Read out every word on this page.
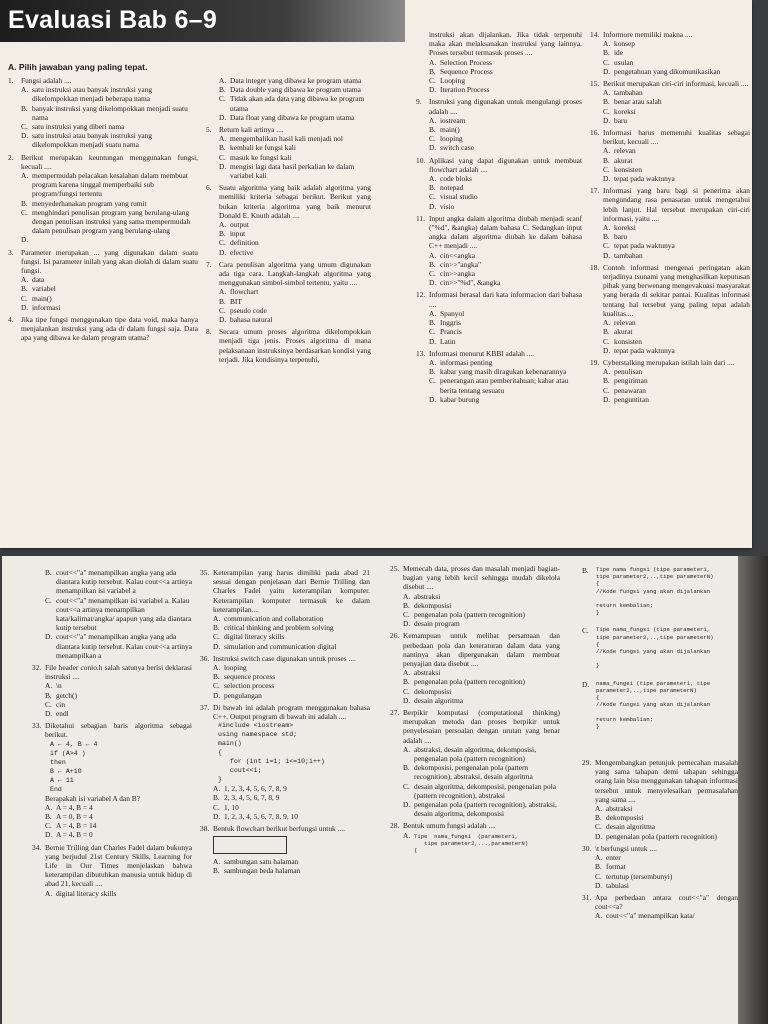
Evaluasi Bab 6–9
A. Pilih jawaban yang paling tepat.
1.	Fungsi adalah ....
A. satu instruksi atau banyak instruksi yang dikelompokkan menjadi beberapa nama
B. banyak instruksi yang dikelompokkan menjadi suatu nama
C. satu instruksi yang diberi nama
D. satu instruksi atau banyak instruksi yang dikelompokkan menjadi suatu nama
2.	Berikut merupakan keuntungan menggunakan fungsi, kecuali ....
A. mempermudah pelacakan kesalahan dalam membuat program karena tinggal memperbaiki sub program/fungsi tertentu
B. menyederhanakan program yang rumit
C. menghindari penulisan program yang berulang-ulang dengan penulisan instruksi yang sama mempermudah dalam penulisan program yang berulang-ulang
D.
3.	Parameter merupakan ... yang digunakan dalam suatu fungsi. Isi parameter inilah yang akan diolah di dalam suatu fungsi.
A. data
B. variabel
C. main()
D. informasi
4.	Jika tipe fungsi menggunakan tipe data void, maka hanya menjalankan instruksi yang ada di dalam fungsi saja. Data apa yang dibawa ke dalam program utama?
A. Data integer yang dibawa ke program utama
B. Data double yang dibawa ke program utama
C. Tidak akan ada data yang dibawa ke program utama
D. Data float yang dibawa ke program utama
5.	Return kali artinya ....
A. mengembalikan hasil kali menjadi nol
B. kembali ke fungsi kali
C. masuk ke fungsi kali
D. mengisi lagi data hasil perkalian ke dalam variabel kali
6.	Suatu algoritma yang baik adalah algoritma yang memiliki kriteria sebagai berikut. Berikut yang bukan kriteria algoritma yang baik menurut Donald E. Knuth adalah ....
A. output
B. input
C. definition
D. efective
7.	Cara penulisan algoritma yang umum digunakan ada tiga cara. Langkah-langkah algoritma yang menggunakan simbol-simbol tertentu, yaitu ....
A. flowchart
B. BIT
C. pseudo code
D. bahasa natural
8.	Secara umum proses algoritma dikelompokkan menjadi tiga jenis. Proses algoritma di mana pelaksanaan instruksinya berdasarkan kondisi yang terjadi. Jika kondisinya terpenuhi,
instruksi akan dijalankan. Jika tidak terpenuhi maka akan melaksanakan instruksi yang lainnya. Proses tersebut termasuk proses ....
A. Selection Process
B. Sequence Process
C. Looping
D. Iteration Process
9.	Instruksi yang digunakan untuk mengulangi proses adalah ....
A. iostream
B. main()
C. looping
D. switch case
10. Aplikasi yang dapat digunakan untuk membuat flowchart adalah ....
A. code bloks
B. notepad
C. visual studio
D. visio
11. Input angka dalam algoritma diubah menjadi scanf ("%d", &angka) dalam bahasa C. Sedangkan input angka dalam algoritma diubah ke dalam bahasa C++ menjadi ....
A. cin<<angka
B. cin>>"angka"
C. cin>>angka
D. cin>>"%d", &angka
12. Informasi berasal dari kata informacion dari bahasa ....
A. Spanyol
B. Inggris
C. Prancis
D. Latin
13. Informasi menurut KBBI adalah ....
A. informasi penting
B. kabar yang masih diragukan kebenarannya
C. penerangan atau pemberitahuan; kabar atau berita tentang sesuatu
D. kabar burung
14. Informore memiliki makna ....
A. konsep
B. ide
C. usulan
D. pengetahuan yang dikomunikasikan
15. Berikut merupakan ciri-ciri informasi, kecuali ....
A. tambahan
B. benar atau salah
C. koreksi
D. baru
16. Informasi harus memenuhi kualitas sebagai berikut, kecuali ....
A. relevan
B. akurat
C. konsisten
D. tepat pada waktunya
17. Informasi yang baru bagi si penerima akan mengundang rasa penasaran untuk mengetahui lebih lanjut. Hal tersebut merupakan ciri-ciri informasi, yaitu ....
A. koreksi
B. baru
C. tepat pada waktunya
D. tambahan
18. Contoh informasi mengenai peringatan akan terjadinya tsunami yang menghasilkan keputusan pihak yang berwenang mengevakuasi masyarakat yang berada di sekitar pantai. Kualitas informasi tentang hal tersebut yang paling tepat adalah kualitas....
A. relevan
B. akurat
C. konsisten
D. tepat pada waktunya
19. Cyberstalking merupakan istilah lain dari ....
A. penulisan
B. pengiriman
C. penawaran
D. penguntitan
B. cout<<"a" menampilkan angka yang ada diantara kutip tersebut. Kalau cout<<a artinya menampilkan isi variabel a
C. cout<<"a" menampilkan isi variabel a. Kalau cout<<a artinya menampilkan kata/kalimat/angka/ apapun yang ada diantara kutip tersebut
D. cout<<"a" menampilkan angka yang ada diantara kutip tersebut. Kalau cout<<a artinya menampilkan a
32. File header conio.h salah satunya berisi deklarasi instruksi ....
A. \n
B. getch()
C. cin
D. endl
33. Diketahui sebagian baris algoritma sebagai berikut.
A ← 4, B ← 4
if (A>4 )
then
B ← A+10
A ← 11
End
Berapakah isi variabel A dan B?
A. A = 4, B = 4
B. A = 0, B = 4
C. A = 4, B = 14
D. A = 4, B = 0
34. Bernie Trilling dan Charles Fadel dalam bukunya yang berjudul 21st Century Skills, Learning for Life in Our Times menjelaskan bahwa keterampilan dibutuhkan manusia untuk hidup di abad 21, kecuali ....
A. digital literacy skills
35. Keterampilan yang harus dimiliki pada abad 21 sesuai dengan penjelasan dari Bernie Trilling dan Charles Fadel yaitu keterampilan komputer. Keterampilan komputer termasuk ke dalam keterampilan....
A. communication and collaboration
B. critical thinking and problem solving
C. digital literacy skills
D. simulation and communication digital
36. Instruksi switch case digunakan untuk proses ....
A. looping
B. sequence process
C. selection process
D. pengulangan
37. Di bawah ini adalah program menggunakan bahasa C++. Output program di bawah ini adalah ....
#include <iostream>
using namespace std;
main()
{
for (int i=1; i<=10;i++)
cout<<i;
}
A. 1, 2, 3, 4, 5, 6, 7, 8, 9
B. 2, 3, 4, 5, 6, 7, 8, 9
C. 1, 10
D. 1, 2, 3, 4, 5, 6, 7, 8, 9, 10
38. Bentuk flowchart berikut berfungsi untuk ....
A. sambungan satu halaman
B. sambungan beda halaman
25. Memecah data, proses dan masalah menjadi bagian-bagian yang lebih kecil sehingga mudah dikelola disebut ....
A. abstraksi
B. dekomposisi
C. pengenalan pola (pattern recognition)
D. desain program
26. Kemampuan untuk melihat persamaan dan perbedaan pola dan keteraturan dalam data yang nantinya akan dipergunakan dalam membuat penyajian data disebut ....
A. abstraksi
B. pengenalan pola (pattern recognition)
C. dekomposisi
D. desain algoritma
27. Berpikir komputasi (computational thinking) merupakan metoda dan proses berpikir untuk penyelesaian persoalan dengan urutan yang benar adalah ....
A. abstraksi, desain algoritma, dekomposisi, pengenalan pola (pattern recognition)
B. dekomposisi, pengenalan pola (pattern recognition), abstraksi, desain algoritma
C. desain algoritma, dekomposisi, pengenalan pola (pattern recognition), abstraksi
D. pengenalan pola (pattern recognition), abstraksi, desain algoritma, dekomposisi
28. Bentuk umum fungsi adalah ....
A. Tipe  nama_fungsi  (parameter1,
tipe parameter2,...,parameterN)
{
B.	Tipe nama fungsi (tipe parameter1,
tipe parameter2,..,tipe parameterN)
{
//Kode fungsi yang akan dijalankan

return kembalian;
}
C.	Tipe nama_fungsi (tipe parameter1,
tipe parameter2,..,tipe parameterN)
{
//Kode fungsi yang akan dijalankan

}
D.	nama_fungsi (tipe parameter1, tipe
parameter2,..,tipe parameterN)
{
//Kode fungsi yang akan dijalankan

return kembalian;
}
29. Mengembangkan petunjuk pemecahan masalah yang sama tahapan demi tahapan sehingga orang lain bisa menggunakan tahapan informasi tersebut untuk menyelesaikan permasalahan yang sama ....
A. abstraksi
B. dekomposisi
C. desain algoritma
D. pengenalan pola (pattern recognition)
30. \t berfungsi untuk ....
A. enter
B. format
C. tertutup (tersembunyi)
D. tabulasi
31. Apa perbedaan antara cout<<"a" dengan cout<<a?
A. cout<<"a" menampilkan kata/
